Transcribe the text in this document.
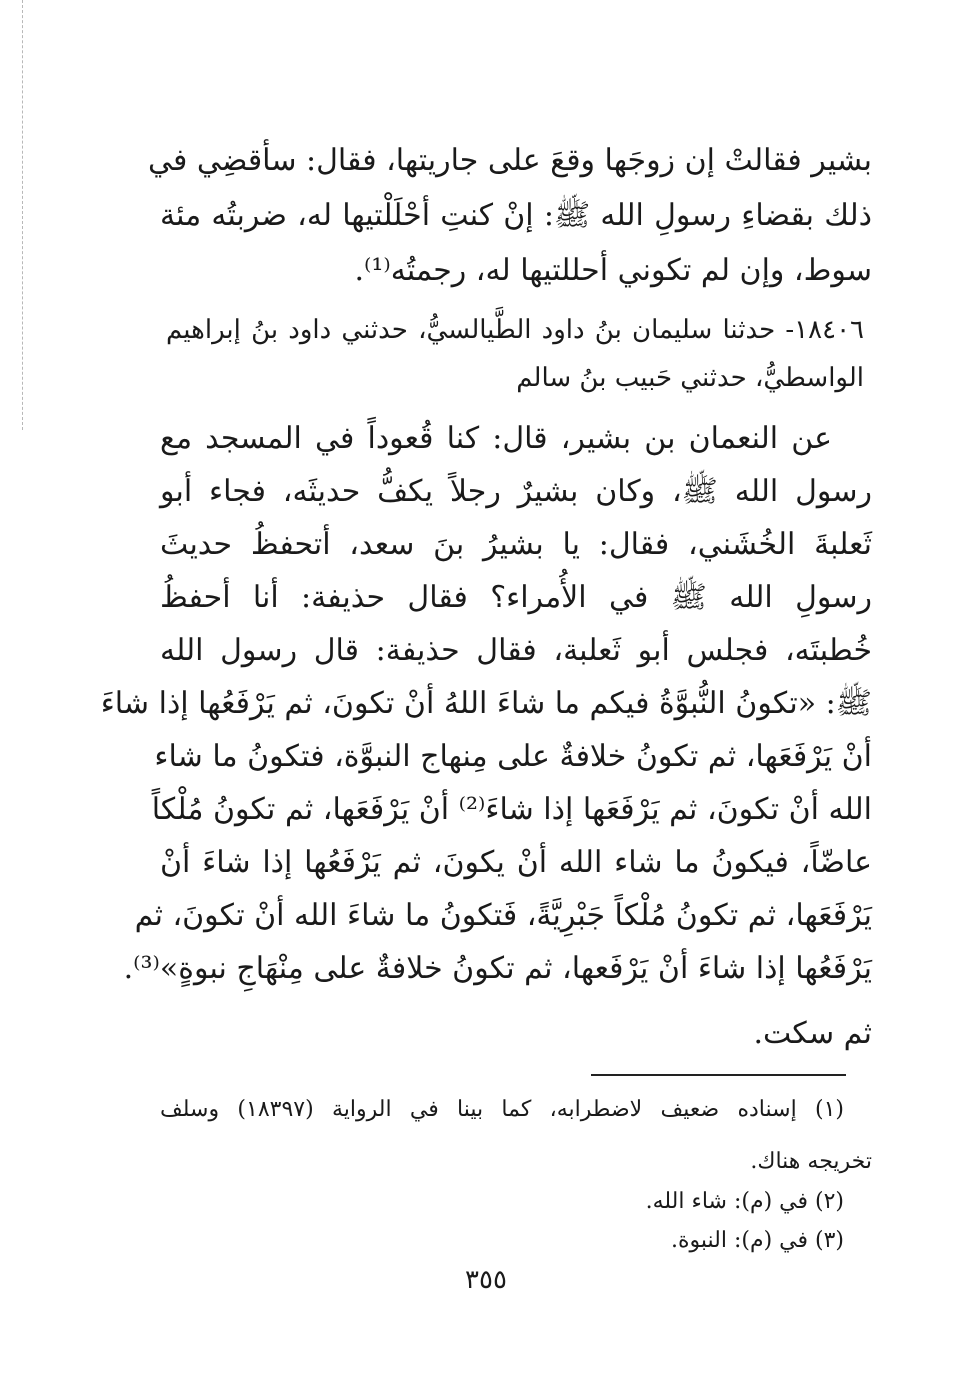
بشير فقالتْ إن زوجَها وقعَ على جاريتها، فقال: سأقضِي في
ذلك بقضاءِ رسولِ الله ﷺ: إنْ كنتِ أحْلَلْتيها له، ضربتُه مئة
سوط، وإن لم تكوني أحللتيها له، رجمتُه⁽¹⁾.
١٨٤٠٦- حدثنا سليمان بنُ داود الطَّيالسيُّ، حدثني داود بنُ إبراهيم
الواسطيُّ، حدثني حَبيب بنُ سالم
عن النعمان بن بشير، قال: كنا قُعوداً في المسجد مع
رسول الله ﷺ، وكان بشيرٌ رجلاً يكفُّ حديثَه، فجاء أبو
ثَعلبةَ الخُشَني، فقال: يا بشيرُ بنَ سعد، أتحفظُ حديثَ
رسولِ الله ﷺ في الأُمراء؟ فقال حذيفة: أنا أحفظُ
خُطبتَه، فجلس أبو ثَعلبة، فقال حذيفة: قال رسول الله
ﷺ: «تكونُ النُّبوَّةُ فيكم ما شاءَ اللهُ أنْ تكونَ، ثم يَرْفَعُها إذا شاءَ
أنْ يَرْفَعَها، ثم تكونُ خلافةٌ على مِنهاج النبوَّة، فتكونُ ما شاء
الله أنْ تكونَ، ثم يَرْفَعَها إذا شاءَ⁽²⁾ أنْ يَرْفَعَها، ثم تكونُ مُلْكاً
عاضّاً، فيكونُ ما شاء الله أنْ يكونَ، ثم يَرْفَعُها إذا شاءَ أنْ
يَرْفَعَها، ثم تكونُ مُلْكاً جَبْرِيَّةً، فَتكونُ ما شاءَ الله أنْ تكونَ، ثم
يَرْفَعُها إذا شاءَ أنْ يَرْفَعها، ثم تكونُ خلافةٌ على مِنْهَاجِ نبوةٍ»⁽³⁾.
ثم سكت.
(١) إسناده ضعيف لاضطرابه، كما بينا في الرواية (١٨٣٩٧) وسلف
تخريجه هناك.
(٢) في (م): شاء الله.
(٣) في (م): النبوة.
٣٥٥
